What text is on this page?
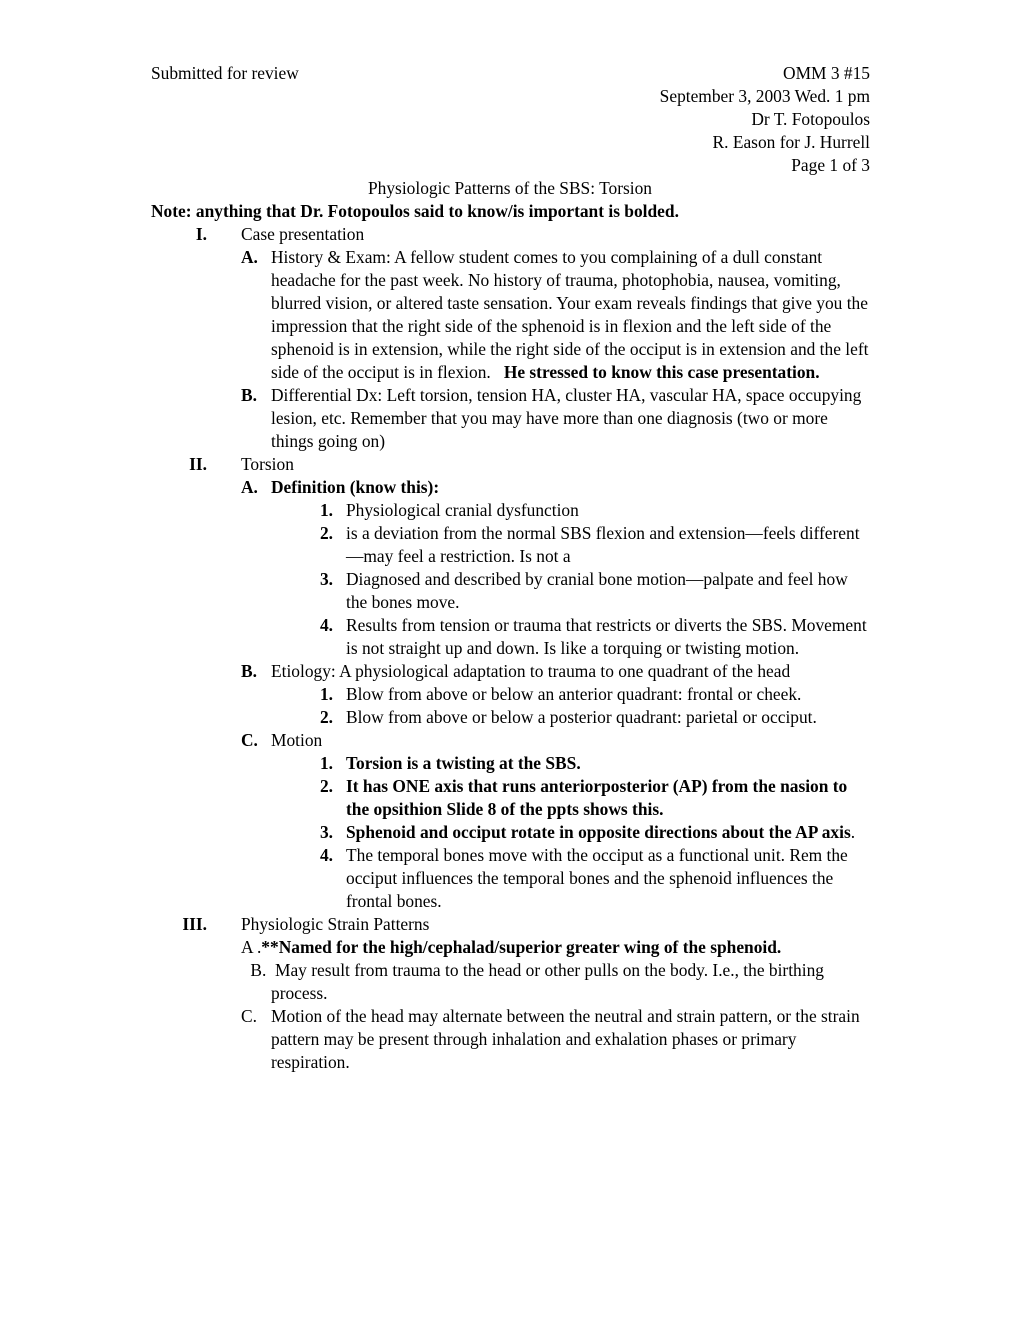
Submitted for review	OMM 3 #15
September 3, 2003 Wed. 1 pm
Dr T. Fotopoulos
R. Eason for J. Hurrell
Page 1 of 3
Physiologic Patterns of the SBS: Torsion
Note: anything that Dr. Fotopoulos said to know/is important is bolded.
I. Case presentation
A. History & Exam: A fellow student comes to you complaining of a dull constant headache for the past week. No history of trauma, photophobia, nausea, vomiting, blurred vision, or altered taste sensation. Your exam reveals findings that give you the impression that the right side of the sphenoid is in flexion and the left side of the sphenoid is in extension, while the right side of the occiput is in extension and the left side of the occiput is in flexion. He stressed to know this case presentation.
B. Differential Dx: Left torsion, tension HA, cluster HA, vascular HA, space occupying lesion, etc. Remember that you may have more than one diagnosis (two or more things going on)
II. Torsion
A. Definition (know this):
1. Physiological cranial dysfunction
2. is a deviation from the normal SBS flexion and extension—feels different—may feel a restriction. Is not a
3. Diagnosed and described by cranial bone motion—palpate and feel how the bones move.
4. Results from tension or trauma that restricts or diverts the SBS. Movement is not straight up and down. Is like a torquing or twisting motion.
B. Etiology: A physiological adaptation to trauma to one quadrant of the head
1. Blow from above or below an anterior quadrant: frontal or cheek.
2. Blow from above or below a posterior quadrant: parietal or occiput.
C. Motion
1. Torsion is a twisting at the SBS.
2. It has ONE axis that runs anteriorposterior (AP) from the nasion to the opsithion Slide 8 of the ppts shows this.
3. Sphenoid and occiput rotate in opposite directions about the AP axis.
4. The temporal bones move with the occiput as a functional unit. Rem the occiput influences the temporal bones and the sphenoid influences the frontal bones.
III. Physiologic Strain Patterns
A .**Named for the high/cephalad/superior greater wing of the sphenoid.
B.  May result from trauma to the head or other pulls on the body. I.e., the birthing process.
C. Motion of the head may alternate between the neutral and strain pattern, or the strain pattern may be present through inhalation and exhalation phases or primary respiration.
